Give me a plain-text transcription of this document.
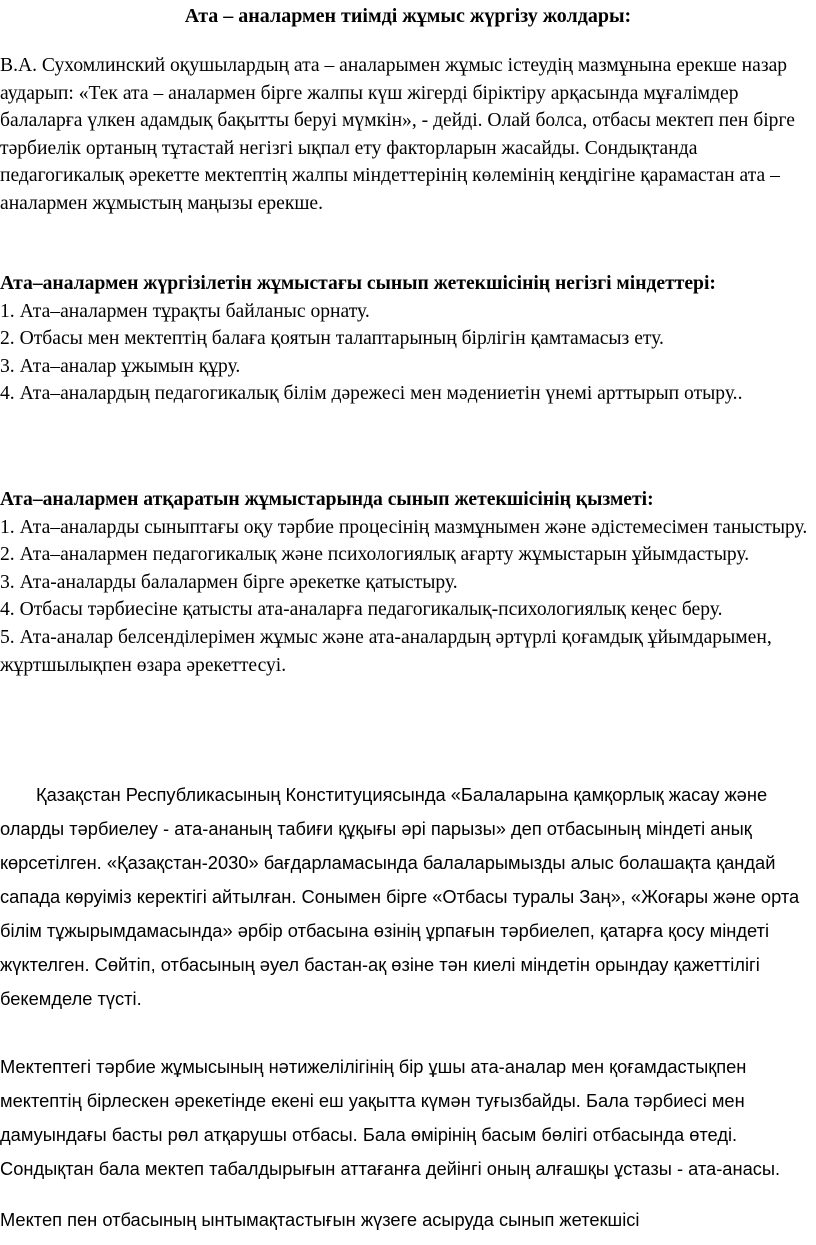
Ата – аналармен тиімді жұмыс жүргізу жолдары:

В.А. Сухомлинский оқушылардың ата – аналарымен жұмыс істеудің мазмұнына ерекше назар аударып: «Тек ата – аналармен бірге жалпы күш жігерді біріктіру арқасында мұғалімдер балаларға үлкен адамдық бақытты беруі мүмкін», - дейді. Олай болса, отбасы мектеп пен бірге тәрбиелік ортаның тұтастай негізгі ықпал ету факторларын жасайды. Сондықтанда педагогикалық әрекетте мектептің жалпы міндеттерінің көлемінің кеңдігіне қарамастан ата – аналармен жұмыстың маңызы ерекше.

Ата–аналармен жүргізілетін жұмыстағы сынып жетекшісінің негізгі міндеттері:

1. Ата–аналармен тұрақты байланыс орнату.
2. Отбасы мен мектептің балаға қоятын талаптарының бірлігін қамтамасыз ету.
3. Ата–аналар ұжымын құру.
4. Ата–аналардың педагогикалық білім дәрежесі мен мәдениетін үнемі арттырып отыру..

Ата–аналармен атқаратын жұмыстарында сынып жетекшісінің қызметі:

1. Ата–аналарды сыныптағы оқу тәрбие процесінің мазмұнымен және әдістемесімен таныстыру.
2. Ата–аналармен педагогикалық және психологиялық ағарту жұмыстарын ұйымдастыру.
3. Ата-аналарды балалармен бірге әрекетке қатыстыру.
4. Отбасы тәрбиесіне қатысты ата-аналарға педагогикалық-психологиялық кеңес беру.
5. Ата-аналар белсенділерімен жұмыс және ата-аналардың әртүрлі қоғамдық ұйымдарымен, жұртшылықпен өзара әрекеттесуі.

Қазақстан Республикасының Конституциясында «Балаларына қамқорлық жасау және оларды тәрбиелеу - ата-ананың табиғи құқығы әрі парызы» деп отбасының міндеті анық көрсетілген. «Қазақстан-2030» бағдарламасында балаларымызды алыс болашақта қандай сапада көруіміз керектігі айтылған. Сонымен бірге «Отбасы туралы Заң», «Жоғары және орта білім тұжырымдамасында» әрбір отбасына өзінің ұрпағын тәрбиелеп, қатарға қосу міндеті жүктелген. Сөйтіп, отбасының әуел бастан-ақ өзіне тән киелі міндетін орындау қажеттілігі бекемделе түсті.

Мектептегі тәрбие жұмысының нәтижелілігінің бір ұшы ата-аналар мен қоғамдастықпен мектептің бірлескен әрекетінде екені еш уақытта күмән туғызбайды. Бала тәрбиесі мен дамуындағы басты рөл атқарушы отбасы. Бала өмірінің басым бөлігі отбасында өтеді. Сондықтан бала мектеп табалдырығын аттағанға дейінгі оның алғашқы ұстазы - ата-анасы.

Мектеп пен отбасының ынтымақтастығын жүзеге асыруда сынып жетекшісі
